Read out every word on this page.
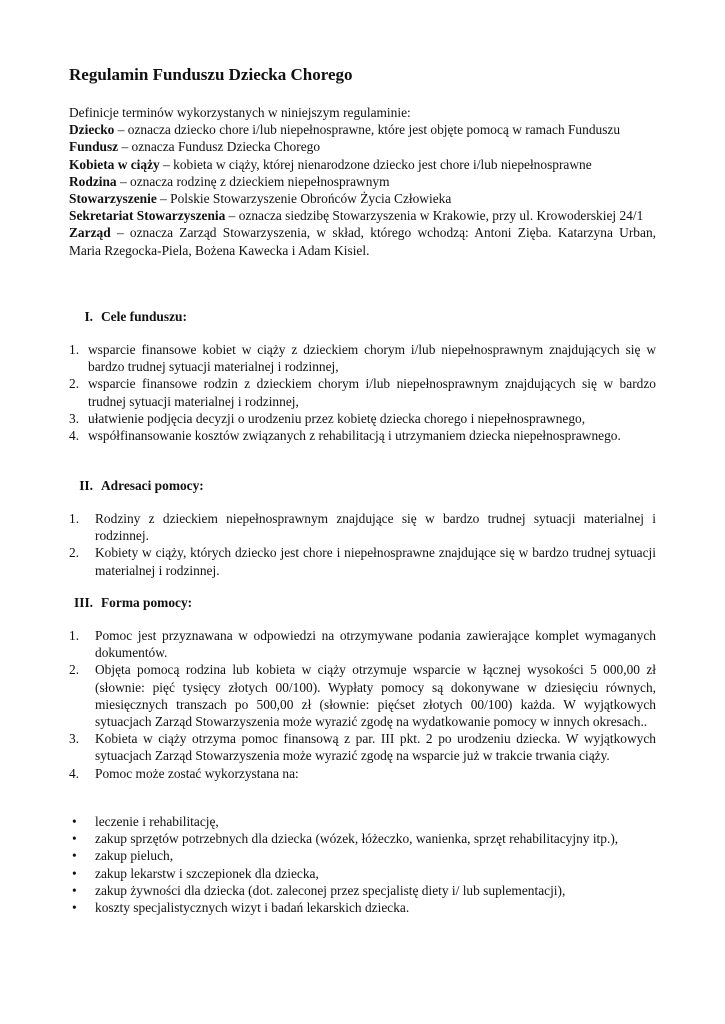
Regulamin Funduszu Dziecka Chorego

Definicje terminów wykorzystanych w niniejszym regulaminie:

Dziecko – oznacza dziecko chore i/lub niepełnosprawne, które jest objęte pomocą w ramach Funduszu

Fundusz – oznacza Fundusz Dziecka Chorego

Kobieta w ciąży – kobieta w ciąży, której nienarodzone dziecko jest chore i/lub niepełnosprawne

Rodzina – oznacza rodzinę z dzieckiem niepełnosprawnym

Stowarzyszenie – Polskie Stowarzyszenie Obrońców Życia Człowieka

Sekretariat Stowarzyszenia – oznacza siedzibę Stowarzyszenia w Krakowie, przy ul. Krowoderskiej 24/1

Zarząd – oznacza Zarząd Stowarzyszenia, w skład, którego wchodzą: Antoni Zięba. Katarzyna Urban, Maria Rzegocka-Piela, Bożena Kawecka i Adam Kisiel.

I. Cele funduszu:
1. wsparcie finansowe kobiet w ciąży z dzieckiem chorym i/lub niepełnosprawnym znajdujących się w bardzo trudnej sytuacji materialnej i rodzinnej,
2. wsparcie finansowe rodzin z dzieckiem chorym i/lub niepełnosprawnym znajdujących się w bardzo trudnej sytuacji materialnej i rodzinnej,
3. ułatwienie podjęcia decyzji o urodzeniu przez kobietę dziecka chorego i niepełnosprawnego,
4. współfinansowanie kosztów związanych z rehabilitacją i utrzymaniem dziecka niepełnosprawnego.
II. Adresaci pomocy:
1. Rodziny z dzieckiem niepełnosprawnym znajdujące się w bardzo trudnej sytuacji materialnej i rodzinnej.
2. Kobiety w ciąży, których dziecko jest chore i niepełnosprawne znajdujące się w bardzo trudnej sytuacji materialnej i rodzinnej.
III. Forma pomocy:
1. Pomoc jest przyznawana w odpowiedzi na otrzymywane podania zawierające komplet wymaganych dokumentów.
2. Objęta pomocą rodzina lub kobieta w ciąży otrzymuje wsparcie w łącznej wysokości 5 000,00 zł (słownie: pięć tysięcy złotych 00/100). Wypłaty pomocy są dokonywane w dziesięciu równych, miesięcznych transzach po 500,00 zł (słownie: pięćset złotych 00/100) każda. W wyjątkowych sytuacjach Zarząd Stowarzyszenia może wyrazić zgodę na wydatkowanie pomocy w innych okresach..
3. Kobieta w ciąży otrzyma pomoc finansową z par. III pkt. 2 po urodzeniu dziecka. W wyjątkowych sytuacjach Zarząd Stowarzyszenia może wyrazić zgodę na wsparcie już w trakcie trwania ciąży.
4. Pomoc może zostać wykorzystana na:
• leczenie i rehabilitację,
• zakup sprzętów potrzebnych dla dziecka (wózek, łóżeczko, wanienka, sprzęt rehabilitacyjny itp.),
• zakup pieluch,
• zakup lekarstw i szczepionek dla dziecka,
• zakup żywności dla dziecka (dot. zaleconej przez specjalistę diety i/ lub suplementacji),
• koszty specjalistycznych wizyt i badań lekarskich dziecka.
